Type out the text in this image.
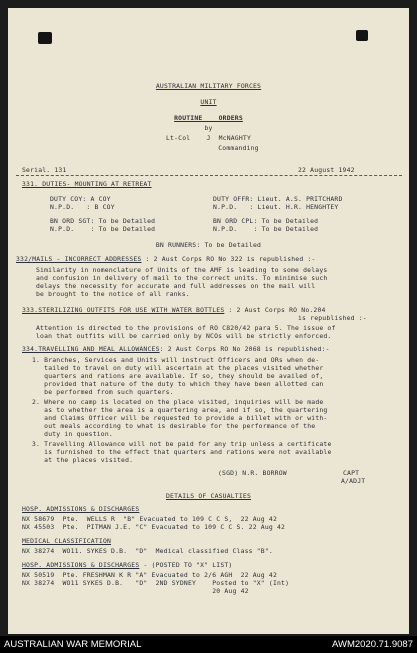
AUSTRALIAN MILITARY FORCES
UNIT
ROUTINE    ORDERS
by
Lt-Col    J  McNAGHTY
Commanding
Serial. 131	22 August 1942
331. DUTIES- MOUNTING AT RETREAT
DUTY COY: A COY
N.P.D.   : B COY
DUTY OFFR: Lieut. A.S. PRITCHARD
N.P.D.   : Lieut. H.R. HENGHTEY
BN ORD SGT: To be Detailed
N.P.D.    : To be Detailed
BN ORD CPL: To be Detailed
N.P.D.    : To be Detailed
BN RUNNERS: To be Detailed
332/MAILS - INCORRECT ADDRESSES : 2 Aust Corps RO No 322 is republished :-
Similarity in nomenclature of Units of the AMF is leading to some delays
and confusion in delivery of mail to the correct units. To minimise such
delays the necessity for accurate and full addresses on the mail will
be brought to the notice of all ranks.
333.STERILIZING OUTFITS FOR USE WITH WATER BOTTLES : 2 Aust Corps RO No.204
is republished :-
Attention is directed to the provisions of RO C820/42 para 5. The issue of
loan that outfits will be carried only by NCOs will be strictly enforced.
334.TRAVELLING AND MEAL ALLOWANCES: 2 Aust Corps RO No 2068 is republished:-
1. Branches, Services and Units will instruct Officers and ORs when de-
tailed to travel on duty will ascertain at the places visited whether
quarters and rations are available. If so, they should be availed of,
provided that nature of the duty to which they have been allotted can
be performed from such quarters.
2. Where no camp is located on the place visited, inquiries will be made
as to whether the area is a quartering area, and if so, the quartering
and Claims Officer will be requested to provide a billet with or with-
out meals according to what is desirable for the performance of the
duty in question.
3. Travelling Allowance will not be paid for any trip unless a certificate
is furnished to the effect that quarters and rations were not available
at the places visited.
(SGD) N.R. BORROW	CAPT
A/ADJT
DETAILS OF CASUALTIES
HOSP. ADMISSIONS & DISCHARGES
NX 58679  Pte.  WELLS R  "B" Evacuated to 109 C C S,  22 Aug 42
NX 45503  Pte.  PITMAN J.E. "C" Evacuated to 109 C C S. 22 Aug 42
MEDICAL CLASSIFICATION
NX 38274  WO11. SYKES D.B.  "D"  Medical classified Class "B".
HOSP. ADMISSIONS & DISCHARGES - (POSTED TO "X" LIST)
NX 50519  Pte. FRESHMAN K R "A" Evacuated to 2/6 AGH  22 Aug 42
NX 38274  WO11 SYKES D.B.   "D"  2ND SYDNEY    Posted to "X" (Int)
20 Aug 42
AUSTRALIAN WAR MEMORIAL	AWM2020.71.9087
